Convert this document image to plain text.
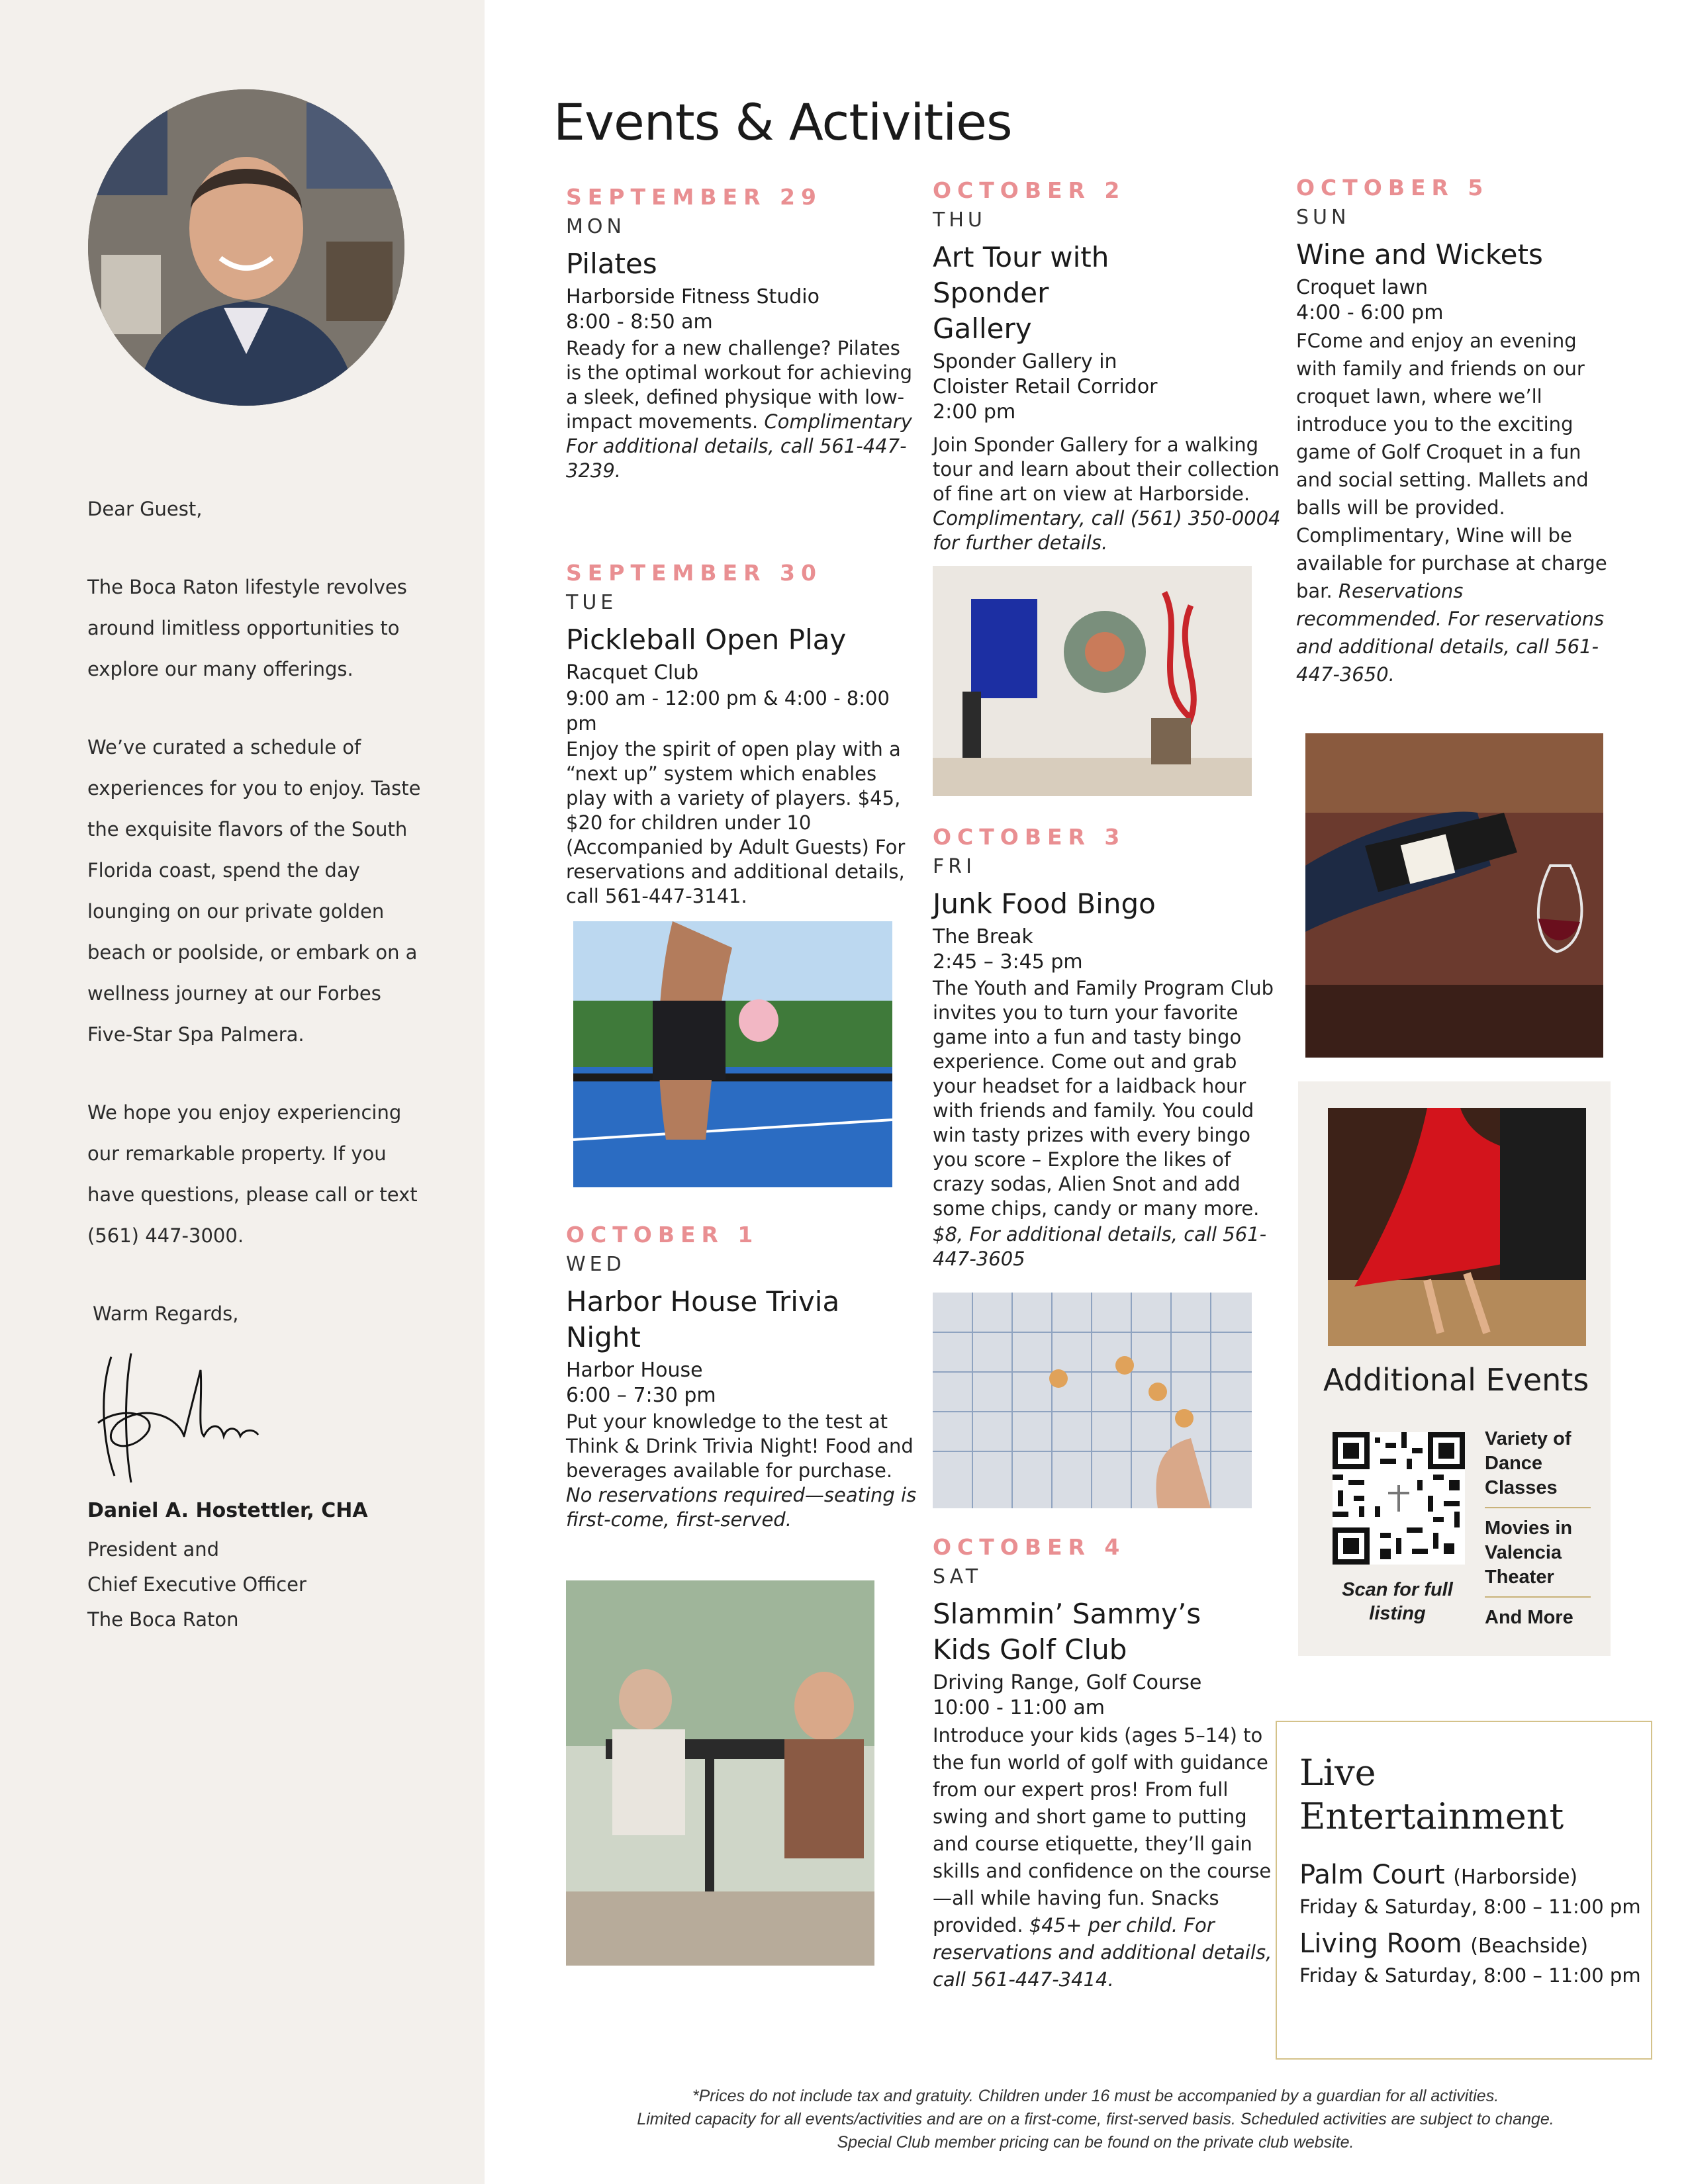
Dear Guest,

The Boca Raton lifestyle revolves around limitless opportunities to explore our many offerings.

We’ve curated a schedule of experiences for you to enjoy. Taste the exquisite flavors of the South Florida coast, spend the day lounging on our private golden beach or poolside, or embark on a wellness journey at our Forbes Five-Star Spa Palmera.

We hope you enjoy experiencing our remarkable property. If you have questions, please call or text (561) 447-3000.

Warm Regards,

Daniel A. Hostettler, CHA
President and
Chief Executive Officer
The Boca Raton
Events & Activities
SEPTEMBER 29
MON
Pilates
Harborside Fitness Studio
8:00 - 8:50 am
Ready for a new challenge? Pilates is the optimal workout for achieving a sleek, defined physique with low-impact movements. Complimentary For additional details, call 561-447-3239.
SEPTEMBER 30
TUE
Pickleball Open Play
Racquet Club
9:00 am - 12:00 pm & 4:00 - 8:00 pm
Enjoy the spirit of open play with a “next up” system which enables play with a variety of players. $45, $20 for children under 10 (Accompanied by Adult Guests) For reservations and additional details, call 561-447-3141.
OCTOBER 1
WED
Harbor House Trivia Night
Harbor House
6:00 – 7:30 pm
Put your knowledge to the test at Think & Drink Trivia Night! Food and beverages available for purchase. No reservations required—seating is first-come, first-served.
OCTOBER 2
THU
Art Tour with Sponder Gallery
Sponder Gallery in Cloister Retail Corridor
2:00 pm
Join Sponder Gallery for a walking tour and learn about their collection of fine art on view at Harborside. Complimentary, call (561) 350-0004 for further details.
OCTOBER 3
FRI
Junk Food Bingo
The Break
2:45 – 3:45 pm
The Youth and Family Program Club invites you to turn your favorite game into a fun and tasty bingo experience. Come out and grab your headset for a laidback hour with friends and family. You could win tasty prizes with every bingo you score – Explore the likes of crazy sodas, Alien Snot and add some chips, candy or many more.
$8, For additional details, call 561-447-3605
OCTOBER 4
SAT
Slammin’ Sammy’s Kids Golf Club
Driving Range, Golf Course
10:00 - 11:00 am
Introduce your kids (ages 5–14) to the fun world of golf with guidance from our expert pros! From full swing and short game to putting and course etiquette, they’ll gain skills and confidence on the course—all while having fun. Snacks provided. $45+ per child. For reservations and additional details, call 561-447-3414.
OCTOBER 5
SUN
Wine and Wickets
Croquet lawn
4:00 - 6:00 pm
FCome and enjoy an evening with family and friends on our croquet lawn, where we’ll introduce you to the exciting game of Golf Croquet in a fun and social setting. Mallets and balls will be provided. Complimentary, Wine will be available for purchase at charge bar. Reservations recommended. For reservations and additional details, call 561-447-3650.
Additional Events
Scan for full listing
Variety of Dance Classes
Movies in Valencia Theater
And More
Live Entertainment
Palm Court (Harborside)
Friday & Saturday, 8:00 – 11:00 pm
Living Room (Beachside)
Friday & Saturday, 8:00 – 11:00 pm
*Prices do not include tax and gratuity. Children under 16 must be accompanied by a guardian for all activities.
Limited capacity for all events/activities and are on a first-come, first-served basis. Scheduled activities are subject to change.
Special Club member pricing can be found on the private club website.
